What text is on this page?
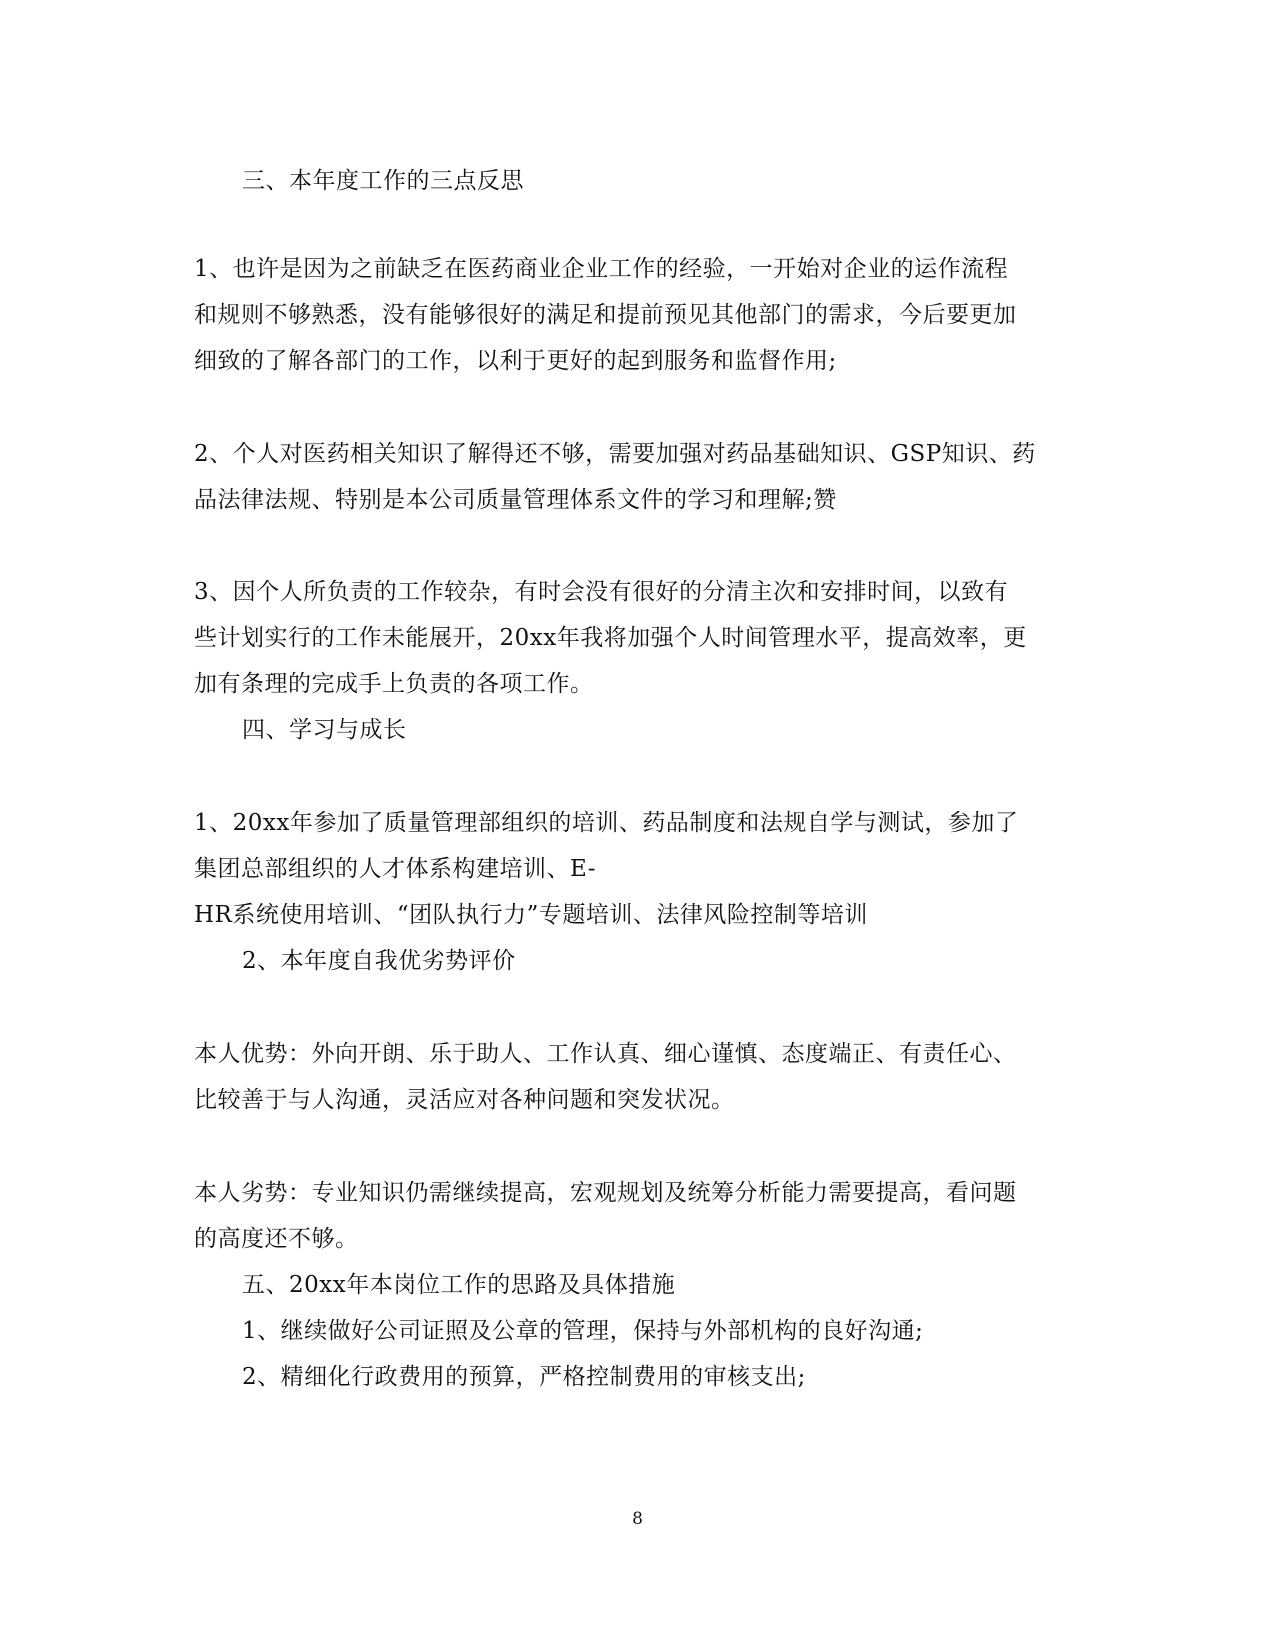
三、本年度工作的三点反思
1、也许是因为之前缺乏在医药商业企业工作的经验，一开始对企业的运作流程
和规则不够熟悉，没有能够很好的满足和提前预见其他部门的需求，今后要更加
细致的了解各部门的工作，以利于更好的起到服务和监督作用;
2、个人对医药相关知识了解得还不够，需要加强对药品基础知识、GSP知识、药
品法律法规、特别是本公司质量管理体系文件的学习和理解;赞
3、因个人所负责的工作较杂，有时会没有很好的分清主次和安排时间，以致有
些计划实行的工作未能展开，20xx年我将加强个人时间管理水平，提高效率，更
加有条理的完成手上负责的各项工作。
四、学习与成长
1、20xx年参加了质量管理部组织的培训、药品制度和法规自学与测试，参加了
集团总部组织的人才体系构建培训、E-
HR系统使用培训、“团队执行力”专题培训、法律风险控制等培训
2、本年度自我优劣势评价
本人优势：外向开朗、乐于助人、工作认真、细心谨慎、态度端正、有责任心、
比较善于与人沟通，灵活应对各种问题和突发状况。
本人劣势：专业知识仍需继续提高，宏观规划及统筹分析能力需要提高，看问题
的高度还不够。
五、20xx年本岗位工作的思路及具体措施
1、继续做好公司证照及公章的管理，保持与外部机构的良好沟通;
2、精细化行政费用的预算，严格控制费用的审核支出;
8
